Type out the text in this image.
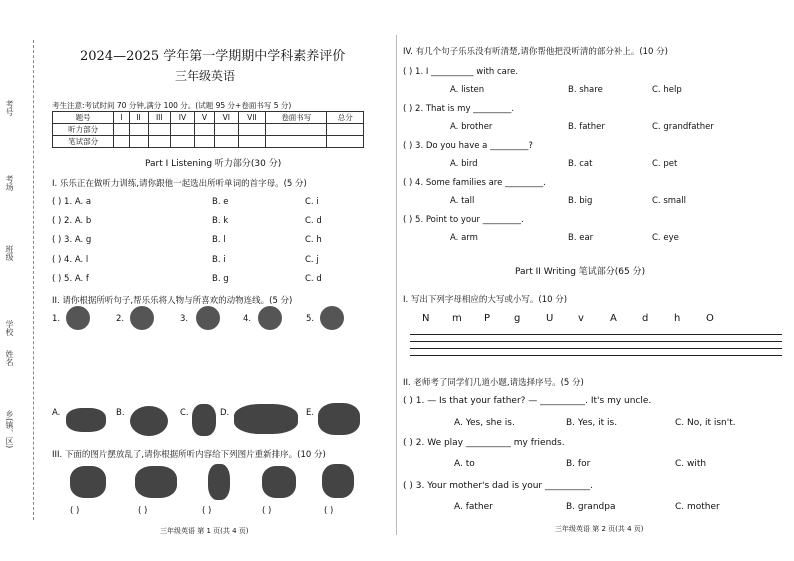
考号
考场
班级
学校
姓名
乡(镇、区)
2024—2025 学年第一学期期中学科素养评价
三年级英语
考生注意:考试时间 70 分钟,满分 100 分。(试题 95 分+卷面书写 5 分)
题号	I	II	III	IV	V	VI	VII	卷面书写	总分
听力部分									
笔试部分									
Part I Listening 听力部分(30 分)
I. 乐乐正在做听力训练,请你跟他一起选出所听单词的首字母。(5 分)
( ) 1. A. a	B. e	C. i
( ) 2. A. b	B. k	C. d
( ) 3. A. g	B. l	C. h
( ) 4. A. l	B. i	C. j
( ) 5. A. f	B. g	C. d
II. 请你根据所听句子,帮乐乐将人物与所喜欢的动物连线。(5 分)
1.	2.	3.	4.	5.
A.	B.	C.	D.	E.
III. 下面的图片摆放乱了,请你根据所听内容给下列图片重新排序。(10 分)
( )	( )	( )	( )	( )
三年级英语 第 1 页(共 4 页)
IV. 有几个句子乐乐没有听清楚,请你帮他把没听清的部分补上。(10 分)
( ) 1. I __________ with care.
A. listen	B. share	C. help
( ) 2. That is my _________.
A. brother	B. father	C. grandfather
( ) 3. Do you have a _________?
A. bird	B. cat	C. pet
( ) 4. Some families are _________.
A. tall	B. big	C. small
( ) 5. Point to your _________.
A. arm	B. ear	C. eye
Part II Writing 笔试部分(65 分)
I. 写出下列字母相应的大写或小写。(10 分)
N m P g	U v	A	d	h	O
II. 老师考了同学们几道小题,请选择序号。(5 分)
( ) 1. — Is that your father? — __________. It's my uncle.
A. Yes, she is.	B. Yes, it is.	C. No, it isn't.
( ) 2. We play __________ my friends.
A. to	B. for	C. with
( ) 3. Your mother's dad is your __________.
A. father	B. grandpa	C. mother
三年级英语 第 2 页(共 4 页)
